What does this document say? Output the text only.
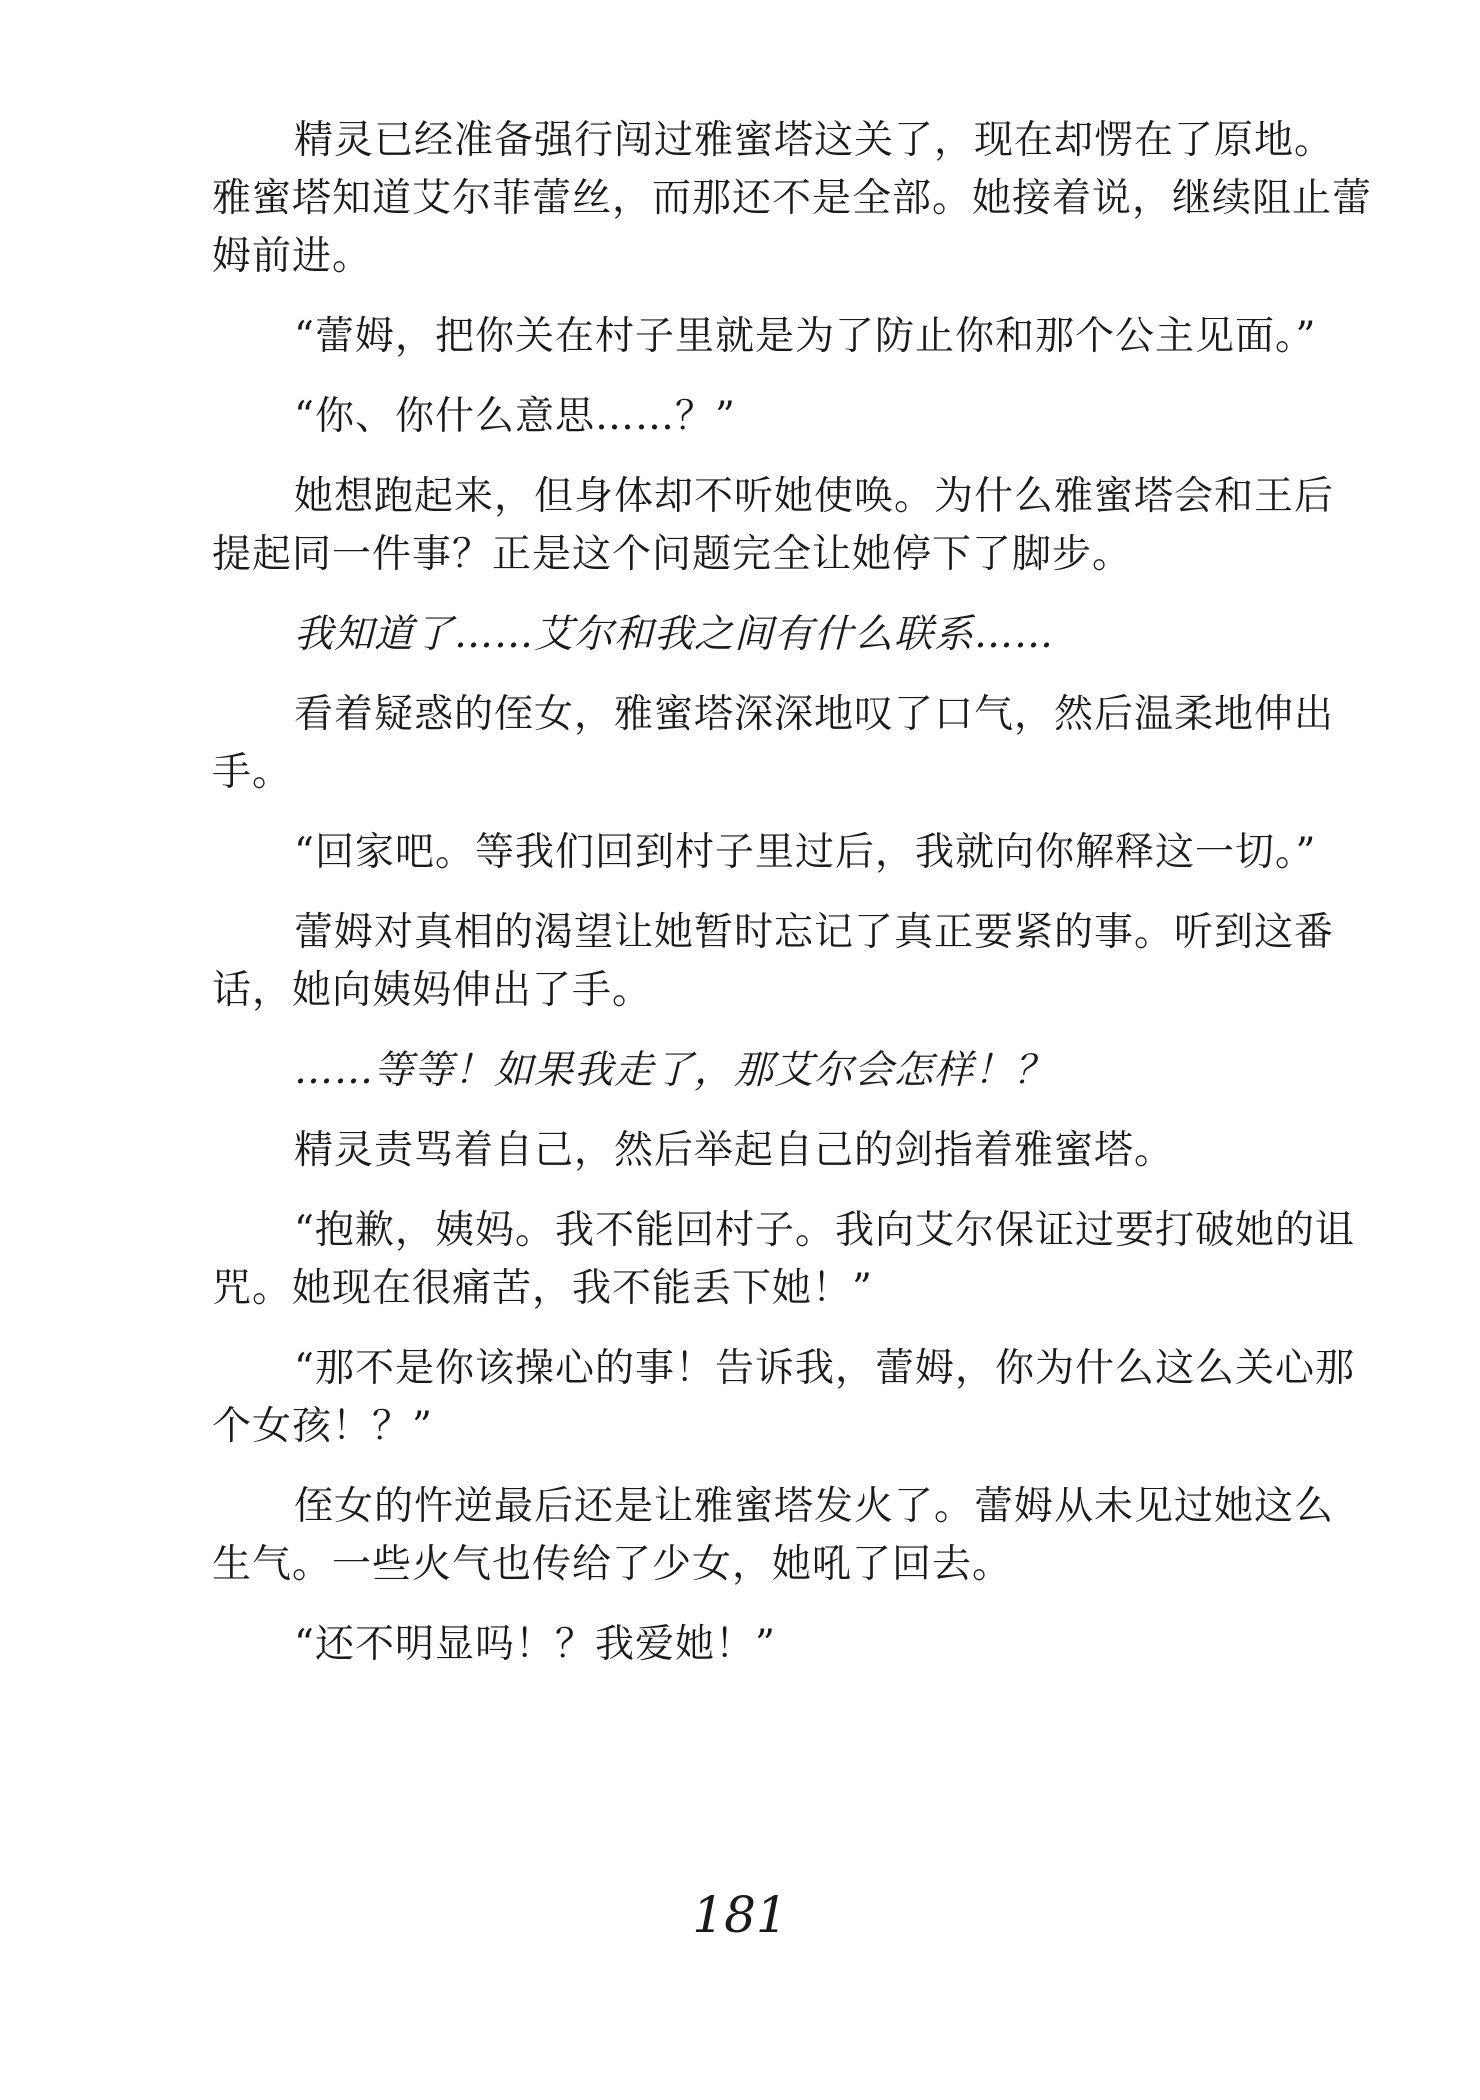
精灵已经准备强行闯过雅蜜塔这关了，现在却愣在了原地。雅蜜塔知道艾尔菲蕾丝，而那还不是全部。她接着说，继续阻止蕾姆前进。

“蕾姆，把你关在村子里就是为了防止你和那个公主见面。”

“你、你什么意思……？”

她想跑起来，但身体却不听她使唤。为什么雅蜜塔会和王后提起同一件事？正是这个问题完全让她停下了脚步。

我知道了……艾尔和我之间有什么联系……

看着疑惑的侄女，雅蜜塔深深地叹了口气，然后温柔地伸出手。

“回家吧。等我们回到村子里过后，我就向你解释这一切。”

蕾姆对真相的渴望让她暂时忘记了真正要紧的事。听到这番话，她向姨妈伸出了手。

……等等！如果我走了，那艾尔会怎样！？

精灵责骂着自己，然后举起自己的剑指着雅蜜塔。

“抱歉，姨妈。我不能回村子。我向艾尔保证过要打破她的诅咒。她现在很痛苦，我不能丢下她！”

“那不是你该操心的事！告诉我，蕾姆，你为什么这么关心那个女孩！？”

侄女的忤逆最后还是让雅蜜塔发火了。蕾姆从未见过她这么生气。一些火气也传给了少女，她吼了回去。

“还不明显吗！？我爱她！”

181
